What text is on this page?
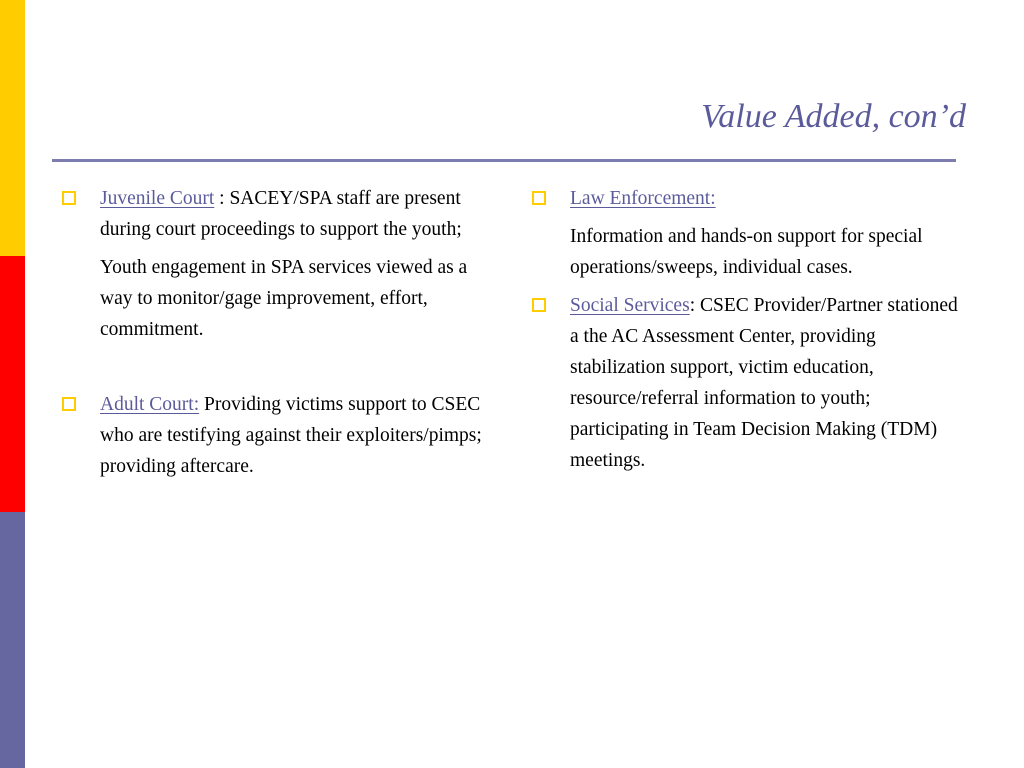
Value Added, con’d

Juvenile Court : SACEY/SPA staff are present during court proceedings to support the youth;

Youth engagement in SPA services viewed as a way to monitor/gage improvement, effort, commitment.

Adult Court: Providing victims support to CSEC who are testifying against their exploiters/pimps; providing aftercare.

Law Enforcement:

Information and hands-on support for special operations/sweeps, individual cases.

Social Services: CSEC Provider/Partner stationed a the AC Assessment Center, providing stabilization support, victim education, resource/referral information to youth; participating in Team Decision Making (TDM) meetings.
